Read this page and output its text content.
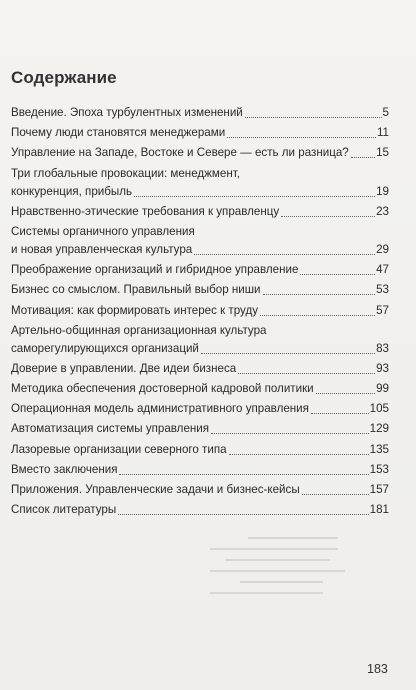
Содержание
Введение. Эпоха турбулентных изменений	5
Почему люди становятся менеджерами	11
Управление на Западе, Востоке и Севере — есть ли разница? 15
Три глобальные провокации: менеджмент,
конкуренция, прибыль	19
Нравственно-этические требования к управленцу	23
Системы органичного управления
и новая управленческая культура	29
Преображение организаций и гибридное управление	47
Бизнес со смыслом. Правильный выбор ниши	53
Мотивация: как формировать интерес к труду	57
Артельно-общинная организационная культура
саморегулирующихся организаций	83
Доверие в управлении. Две идеи бизнеса	93
Методика обеспечения достоверной кадровой политики	99
Операционная модель административного управления	105
Автоматизация системы управления	129
Лазоревые организации северного типа	135
Вместо заключения	153
Приложения. Управленческие задачи и бизнес-кейсы	157
Список литературы	181
183
